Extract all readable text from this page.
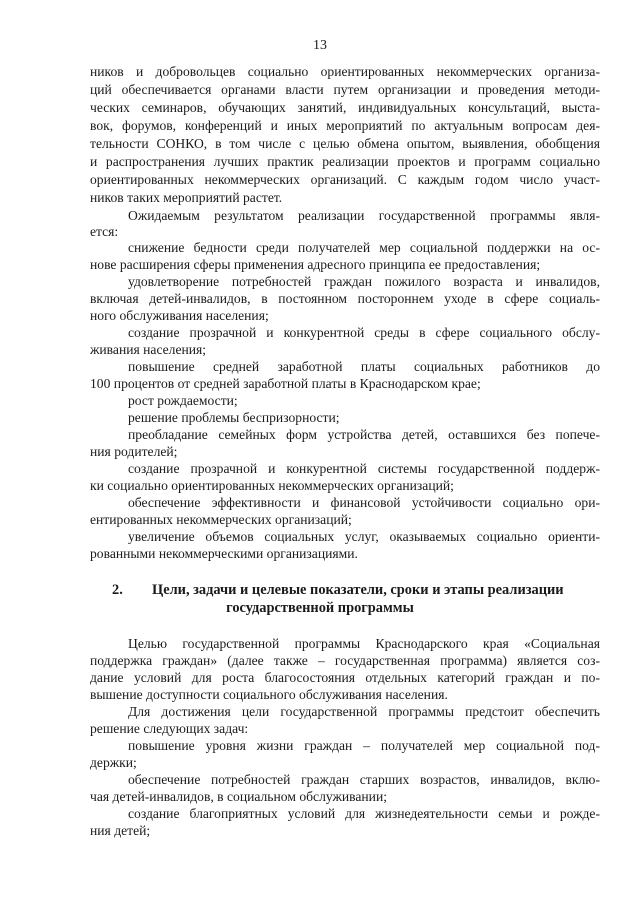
13
2. Цели, задачи и целевые показатели, сроки и этапы реализации
государственной программы
ников и добровольцев социально ориентированных некоммерческих организа-
ций обеспечивается органами власти путем организации и проведения методи-
ческих семинаров, обучающих занятий, индивидуальных консультаций, выста-
вок, форумов, конференций и иных мероприятий по актуальным вопросам дея-
тельности СОНКО, в том числе с целью обмена опытом, выявления, обобщения
и распространения лучших практик реализации проектов и программ социально
ориентированных некоммерческих организаций. С каждым годом число участ-
ников таких мероприятий растет.
Ожидаемым результатом реализации государственной программы явля-
ется:
снижение бедности среди получателей мер социальной поддержки на ос-
нове расширения сферы применения адресного принципа ее предоставления;
удовлетворение потребностей граждан пожилого возраста и инвалидов,
включая детей-инвалидов, в постоянном постороннем уходе в сфере социаль-
ного обслуживания населения;
создание прозрачной и конкурентной среды в сфере социального обслу-
живания населения;
повышение средней заработной платы социальных работников до
100 процентов от средней заработной платы в Краснодарском крае;
рост рождаемости;
решение проблемы беспризорности;
преобладание семейных форм устройства детей, оставшихся без попече-
ния родителей;
создание прозрачной и конкурентной системы государственной поддерж-
ки социально ориентированных некоммерческих организаций;
обеспечение эффективности и финансовой устойчивости социально ори-
ентированных некоммерческих организаций;
увеличение объемов социальных услуг, оказываемых социально ориенти-
рованными некоммерческими организациями.
Целью государственной программы Краснодарского края «Социальная
поддержка граждан» (далее также – государственная программа) является соз-
дание условий для роста благосостояния отдельных категорий граждан и по-
вышение доступности социального обслуживания населения.
Для достижения цели государственной программы предстоит обеспечить
решение следующих задач:
повышение уровня жизни граждан – получателей мер социальной под-
держки;
обеспечение потребностей граждан старших возрастов, инвалидов, вклю-
чая детей-инвалидов, в социальном обслуживании;
создание благоприятных условий для жизнедеятельности семьи и рожде-
ния детей;
